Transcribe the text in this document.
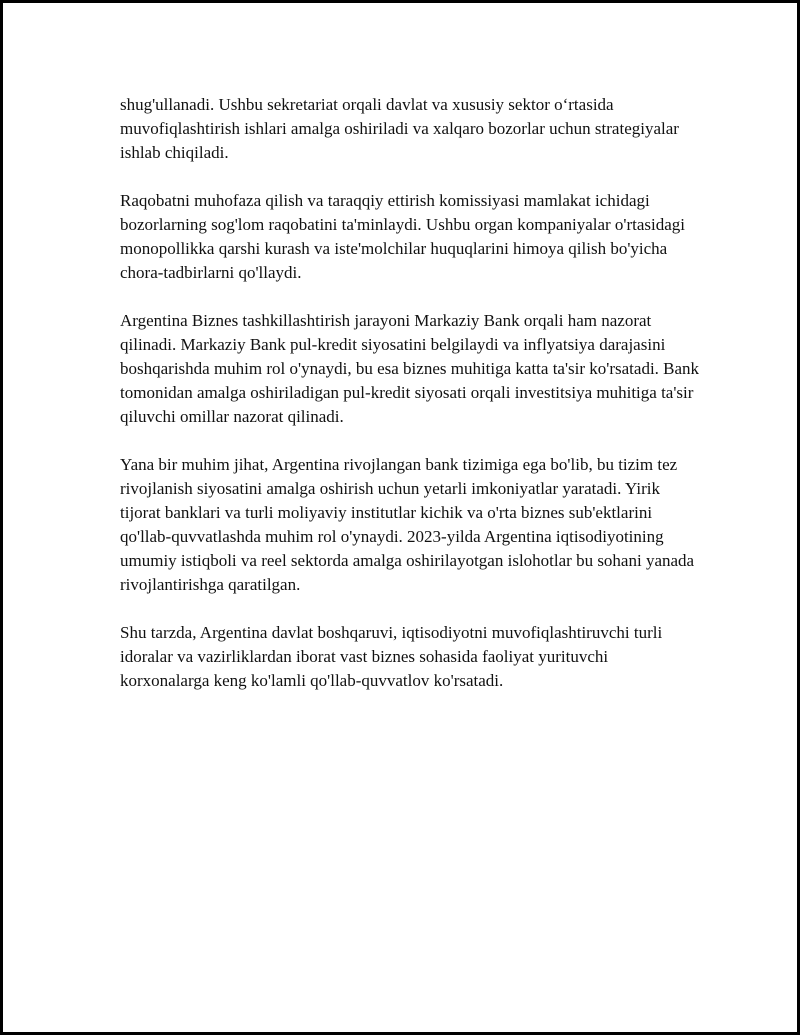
shug'ullanadi. Ushbu sekretariat orqali davlat va xususiy sektor o‘rtasida muvofiqlashtirish ishlari amalga oshiriladi va xalqaro bozorlar uchun strategiyalar ishlab chiqiladi.

Raqobatni muhofaza qilish va taraqqiy ettirish komissiyasi mamlakat ichidagi bozorlarning sog'lom raqobatini ta'minlaydi. Ushbu organ kompaniyalar o'rtasidagi monopollikka qarshi kurash va iste'molchilar huquqlarini himoya qilish bo'yicha chora-tadbirlarni qo'llaydi.

Argentina Biznes tashkillashtirish jarayoni Markaziy Bank orqali ham nazorat qilinadi. Markaziy Bank pul-kredit siyosatini belgilaydi va inflyatsiya darajasini boshqarishda muhim rol o'ynaydi, bu esa biznes muhitiga katta ta'sir ko'rsatadi. Bank tomonidan amalga oshiriladigan pul-kredit siyosati orqali investitsiya muhitiga ta'sir qiluvchi omillar nazorat qilinadi.

Yana bir muhim jihat, Argentina rivojlangan bank tizimiga ega bo'lib, bu tizim tez rivojlanish siyosatini amalga oshirish uchun yetarli imkoniyatlar yaratadi. Yirik tijorat banklari va turli moliyaviy institutlar kichik va o'rta biznes sub'ektlarini qo'llab-quvvatlashda muhim rol o'ynaydi. 2023-yilda Argentina iqtisodiyotining umumiy istiqboli va reel sektorda amalga oshirilayotgan islohotlar bu sohani yanada rivojlantirishga qaratilgan.

Shu tarzda, Argentina davlat boshqaruvi, iqtisodiyotni muvofiqlashtiruvchi turli idoralar va vazirliklardan iborat vast biznes sohasida faoliyat yurituvchi korxonalarga keng ko'lamli qo'llab-quvvatlov ko'rsatadi.
